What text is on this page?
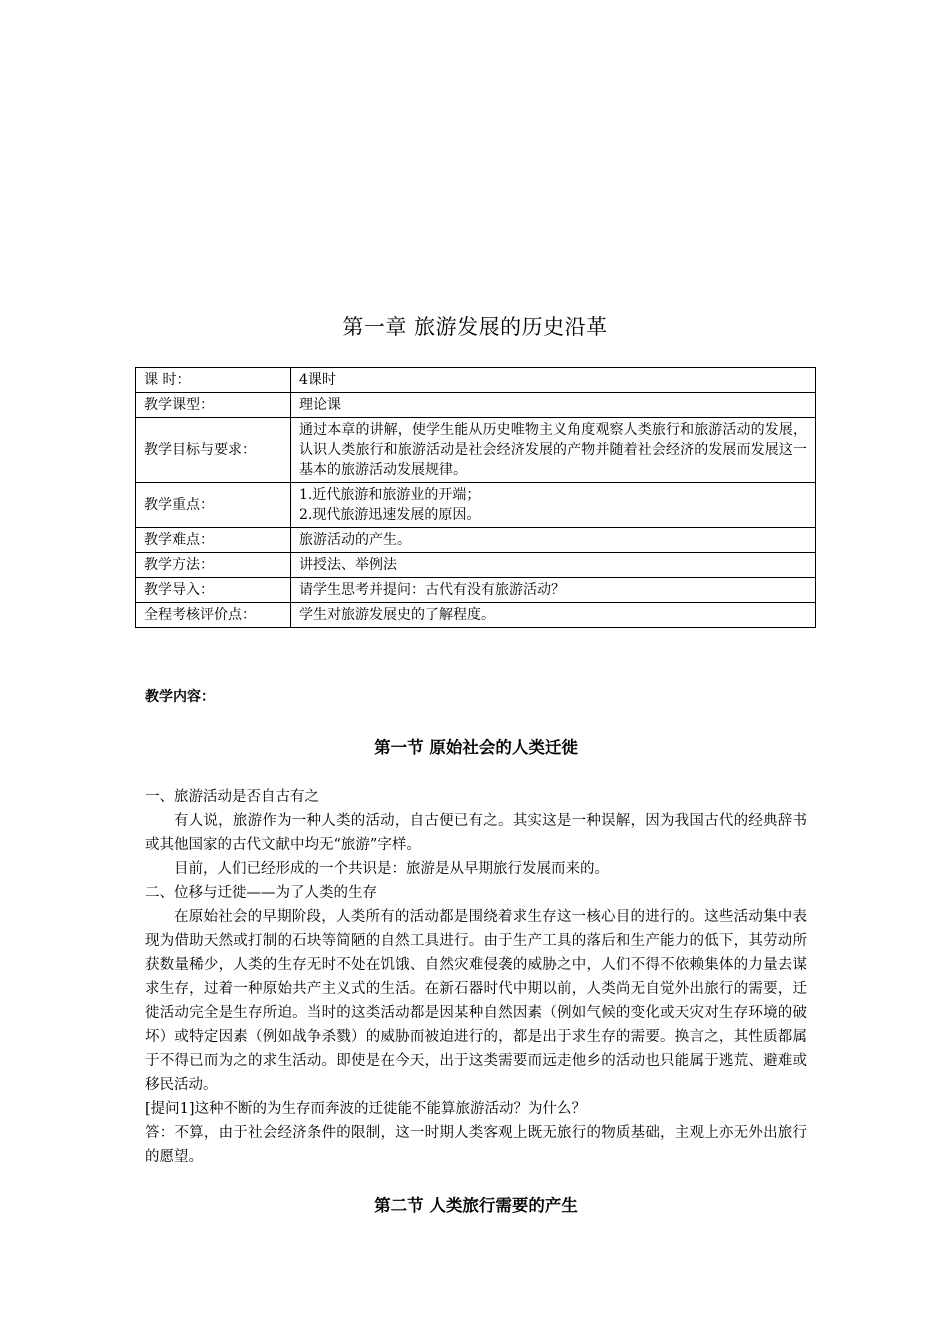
第一章 旅游发展的历史沿革
课 时：	4课时

教学课型：	理论课

教学目标与要求：	通过本章的讲解，使学生能从历史唯物主义角度观察人类旅行和旅游活动的发展，认识人类旅行和旅游活动是社会经济发展的产物并随着社会经济的发展而发展这一基本的旅游活动发展规律。

教学重点：	1.近代旅游和旅游业的开端；
2.现代旅游迅速发展的原因。

教学难点：	旅游活动的产生。

教学方法：	讲授法、举例法

教学导入：	请学生思考并提问：古代有没有旅游活动？

全程考核评价点：	学生对旅游发展史的了解程度。
教学内容：
第一节 原始社会的人类迁徙

一、旅游活动是否自古有之

有人说，旅游作为一种人类的活动，自古便已有之。其实这是一种误解，因为我国古代的经典辞书或其他国家的古代文献中均无“旅游”字样。

目前，人们已经形成的一个共识是：旅游是从早期旅行发展而来的。

二、位移与迁徙——为了人类的生存

在原始社会的早期阶段，人类所有的活动都是围绕着求生存这一核心目的进行的。这些活动集中表现为借助天然或打制的石块等简陋的自然工具进行。由于生产工具的落后和生产能力的低下，其劳动所获数量稀少，人类的生存无时不处在饥饿、自然灾难侵袭的威胁之中，人们不得不依赖集体的力量去谋求生存，过着一种原始共产主义式的生活。在新石器时代中期以前，人类尚无自觉外出旅行的需要，迁徙活动完全是生存所迫。当时的这类活动都是因某种自然因素（例如气候的变化或天灾对生存环境的破坏）或特定因素（例如战争杀戮）的威胁而被迫进行的，都是出于求生存的需要。换言之，其性质都属于不得已而为之的求生活动。即使是在今天，出于这类需要而远走他乡的活动也只能属于逃荒、避难或移民活动。

[提问1]这种不断的为生存而奔波的迁徙能不能算旅游活动？为什么？

答：不算，由于社会经济条件的限制，这一时期人类客观上既无旅行的物质基础，主观上亦无外出旅行的愿望。

第二节 人类旅行需要的产生
